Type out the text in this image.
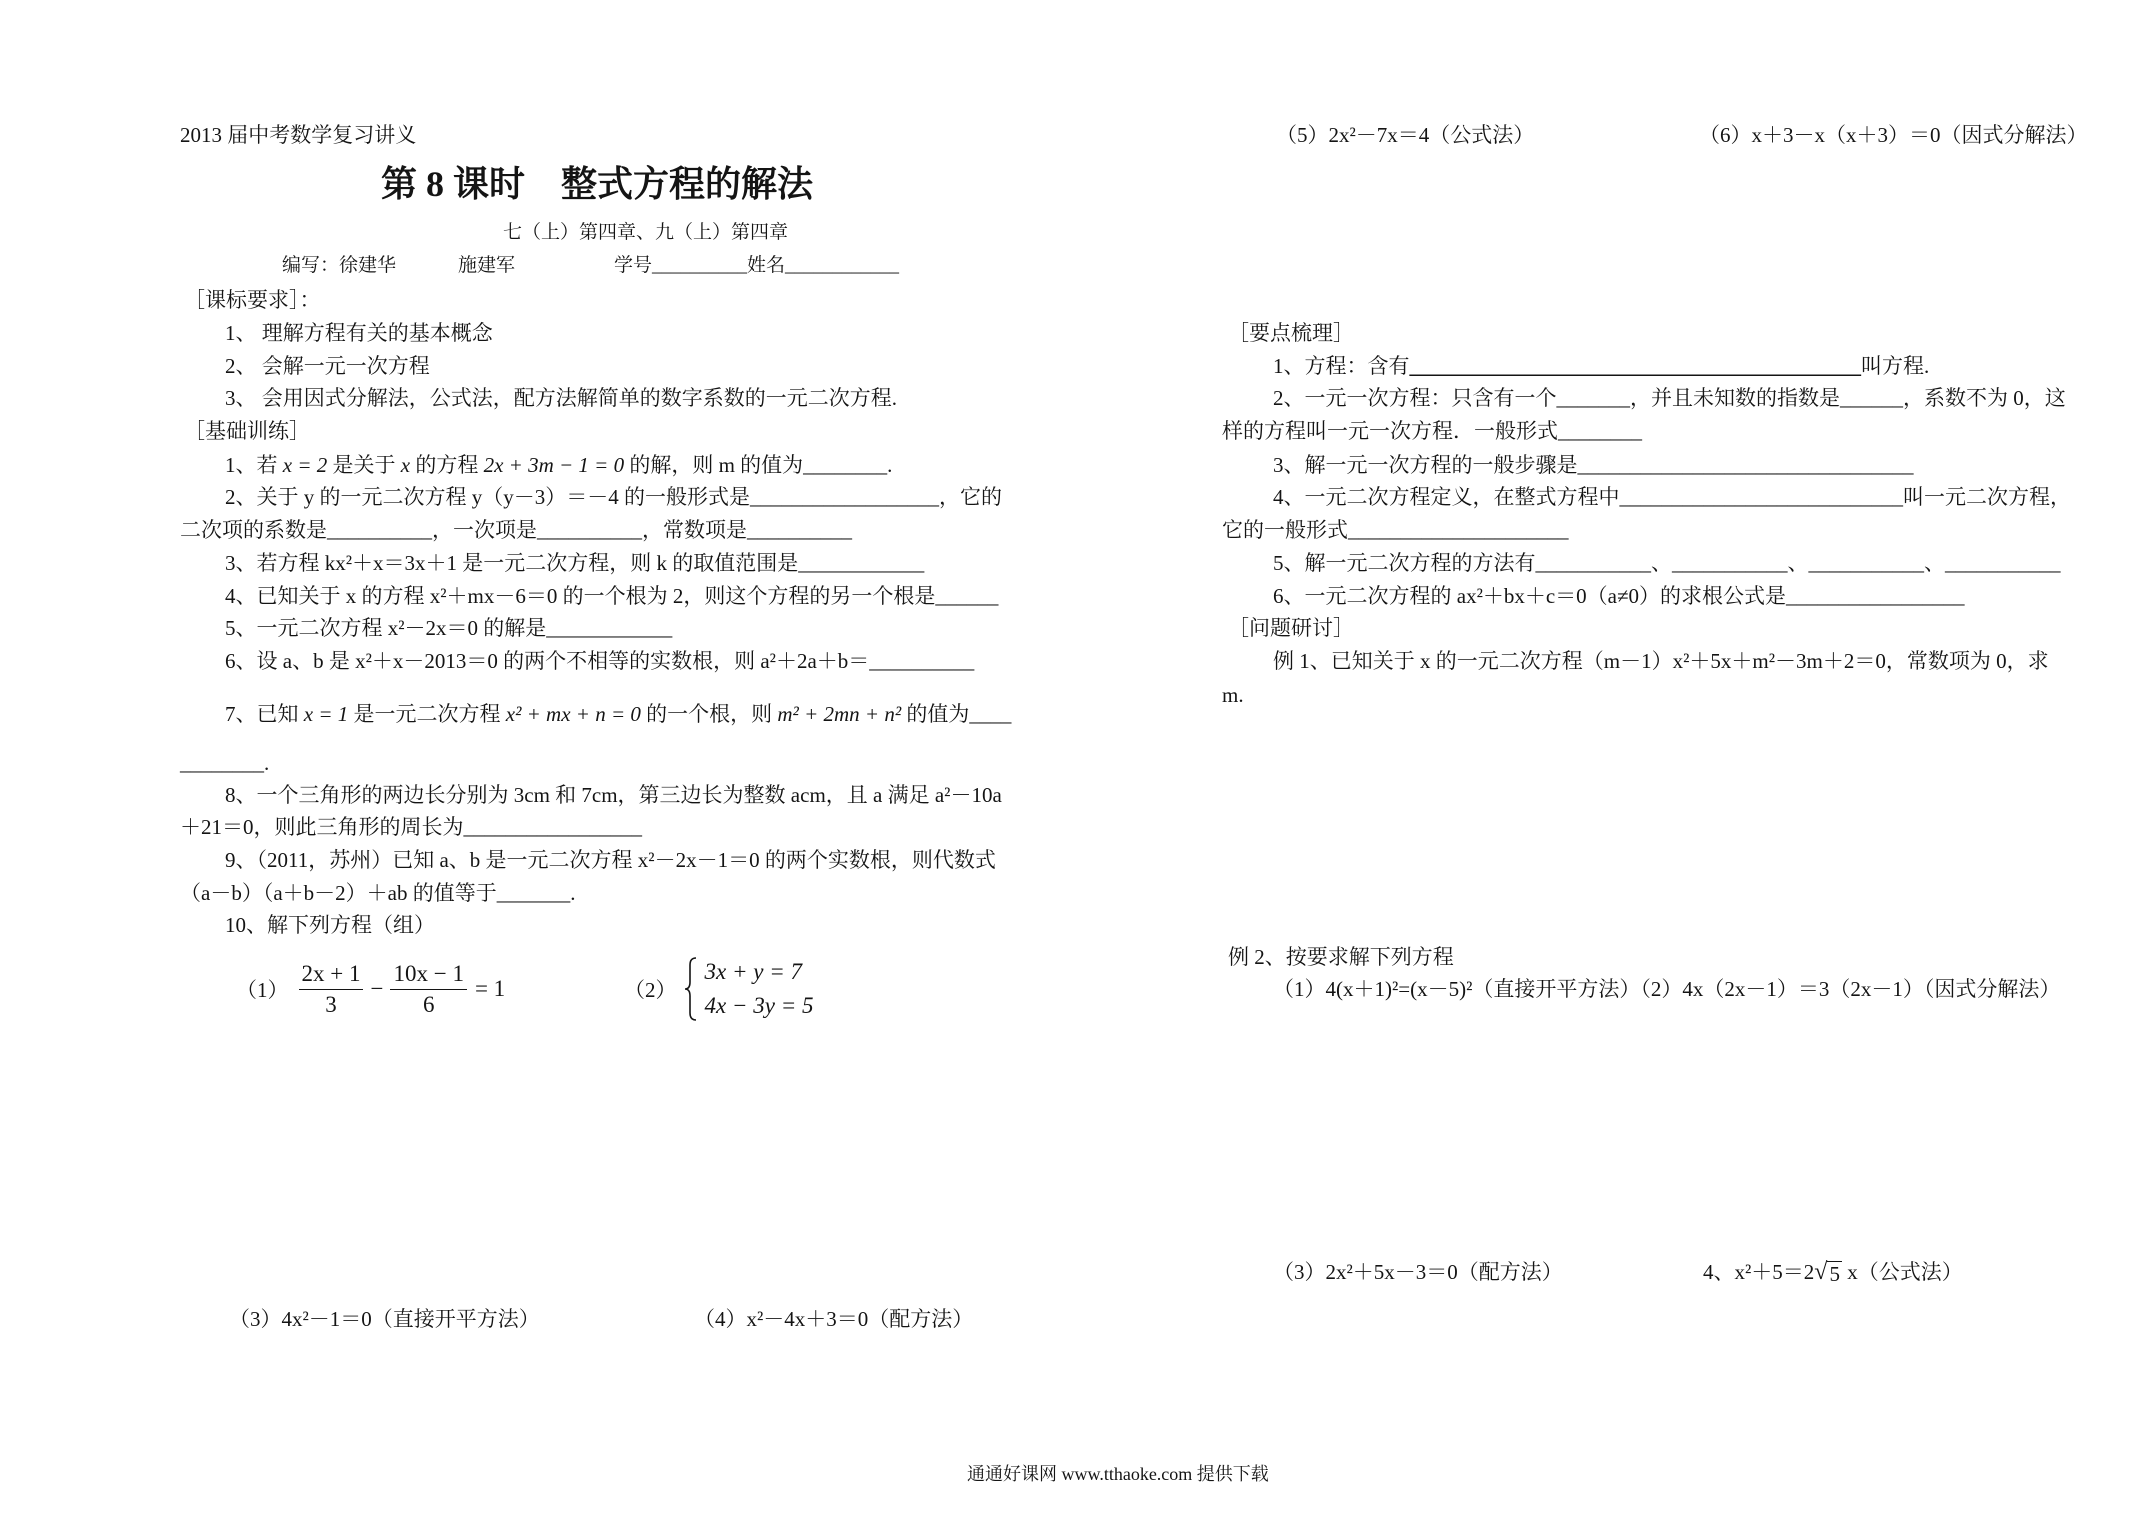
2013 届中考数学复习讲义
第 8 课时　整式方程的解法
七（上）第四章、九（上）第四章
编写：徐建华	施建军	学号__________姓名____________
［课标要求］：
1、 理解方程有关的基本概念
2、 会解一元一次方程
3、 会用因式分解法，公式法，配方法解简单的数字系数的一元二次方程.
［基础训练］
1、若 x = 2 是关于 x 的方程 2x + 3m − 1 = 0 的解，则 m 的值为________.
2、关于 y 的一元二次方程 y（y－3）＝－4 的一般形式是__________________，它的
二次项的系数是__________，一次项是__________，常数项是__________
3、若方程 kx²＋x＝3x＋1 是一元二次方程，则 k 的取值范围是____________
4、已知关于 x 的方程 x²＋mx－6＝0 的一个根为 2，则这个方程的另一个根是______
5、一元二次方程 x²－2x＝0 的解是____________
6、设 a、b 是 x²＋x－2013＝0 的两个不相等的实数根，则 a²＋2a＋b＝__________
7、已知 x = 1 是一元二次方程 x² + mx + n = 0 的一个根，则 m² + 2mn + n² 的值为____
________.
8、一个三角形的两边长分别为 3cm 和 7cm，第三边长为整数 acm，且 a 满足 a²－10a
＋21＝0，则此三角形的周长为_________________
9、（2011，苏州）已知 a、b 是一元二次方程 x²－2x－1＝0 的两个实数根，则代数式
（a－b）（a＋b－2）＋ab 的值等于_______.
10、解下列方程（组）
$(1) \frac{2x + 1}{3} - \frac{10x - 1}{6} = 1$	（2）
3x + y = 7
4x − 3y = 5
（3）4x²－1＝0（直接开平方法）	（4）x²－4x＋3＝0（配方法）
（5）2x²－7x＝4（公式法）	（6）x＋3－x（x＋3）＝0（因式分解法）
［要点梳理］
1、方程：含有___________________________________________叫方程.
2、一元一次方程：只含有一个_______，并且未知数的指数是______，系数不为 0，这
样的方程叫一元一次方程．一般形式________
3、解一元一次方程的一般步骤是________________________________
4、一元二次方程定义，在整式方程中___________________________叫一元二次方程，
它的一般形式_____________________
5、解一元二次方程的方法有___________、___________、___________、___________
6、一元二次方程的 ax²＋bx＋c＝0（a≠0）的求根公式是_________________
［问题研讨］
例 1、已知关于 x 的一元二次方程（m－1）x²＋5x＋m²－3m＋2＝0，常数项为 0，求
m.
例 2、按要求解下列方程
（1）4(x＋1)²=(x－5)²（直接开平方法）（2）4x（2x－1）＝3（2x－1）（因式分解法）
（3）2x²＋5x－3＝0（配方法）	4、x²＋5＝2 √ 5 x（公式法）
通通好课网 www.tthaoke.com 提供下载
